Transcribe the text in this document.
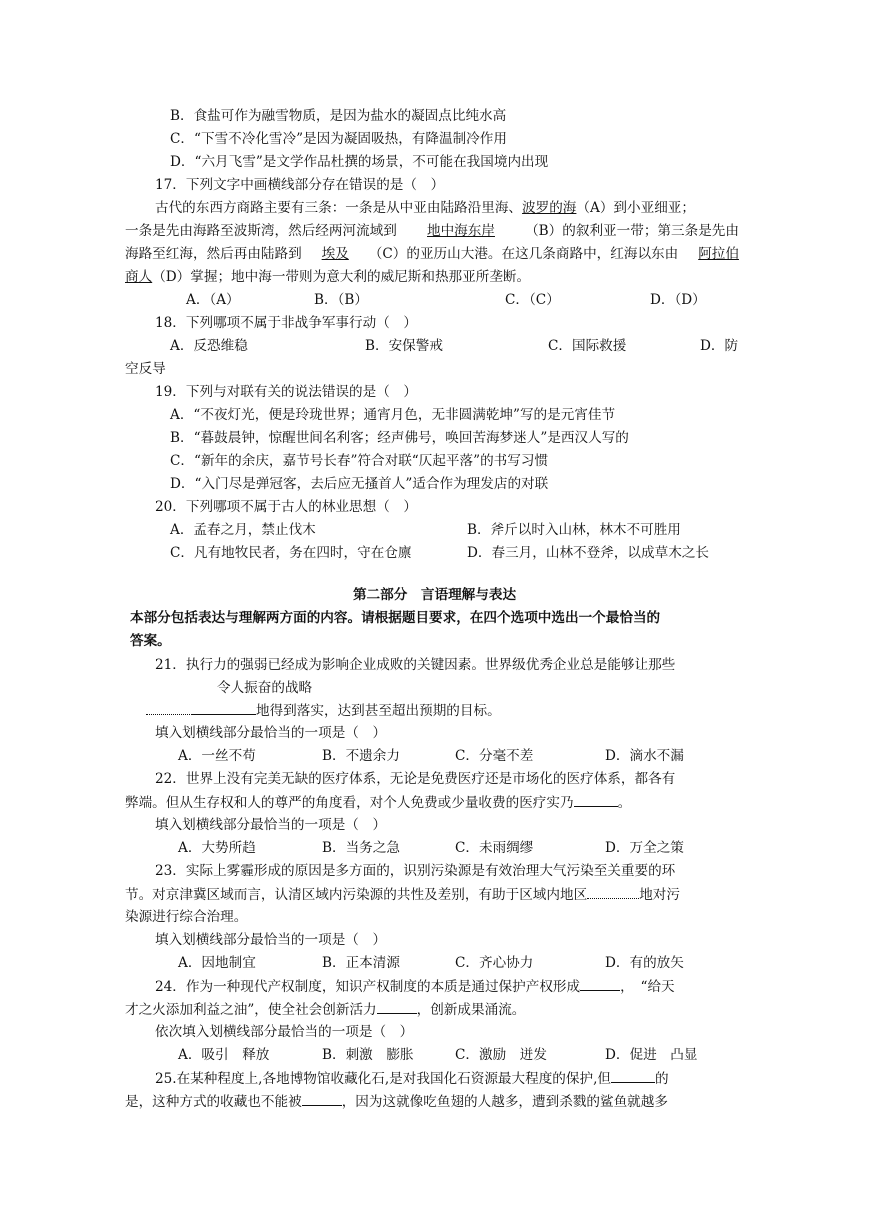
B．食盐可作为融雪物质，是因为盐水的凝固点比纯水高
C．“下雪不冷化雪冷”是因为凝固吸热，有降温制冷作用
D．“六月飞雪”是文学作品杜撰的场景，不可能在我国境内出现
17．下列文字中画横线部分存在错误的是（　）
古代的东西方商路主要有三条：一条是从中亚由陆路沿里海、波罗的海（A）到小亚细亚；
一条是先由海路至波斯湾，然后经两河流域到 地中海东岸 （B）的叙利亚一带；第三条是先由
海路至红海，然后再由陆路到 埃及 （C）的亚历山大港。在这几条商路中，红海以东由 阿拉伯
商人（D）掌握；地中海一带则为意大利的威尼斯和热那亚所垄断。
A．（A）	B．（B）	C．（C）	D．（D）
18．下列哪项不属于非战争军事行动（　）
A．反恐维稳	B．安保警戒	C．国际救援	D．防
空反导
19．下列与对联有关的说法错误的是（　）
A．“不夜灯光，便是玲珑世界；通宵月色，无非圆满乾坤”写的是元宵佳节
B．“暮鼓晨钟，惊醒世间名利客；经声佛号，唤回苦海梦迷人”是西汉人写的
C．“新年的余庆，嘉节号长春”符合对联“仄起平落”的书写习惯
D．“入门尽是弹冠客，去后应无搔首人”适合作为理发店的对联
20．下列哪项不属于古人的林业思想（　）
A．孟春之月，禁止伐木	B．斧斤以时入山林，林木不可胜用
C．凡有地牧民者，务在四时，守在仓廪	D．春三月，山林不登斧，以成草木之长
第二部分　言语理解与表达
本部分包括表达与理解两方面的内容。请根据题目要求，在四个选项中选出一个最恰当的
答案。
21．执行力的强弱已经成为影响企业成败的关键因素。世界级优秀企业总是能够让那些
令人振奋的战略
地得到落实，达到甚至超出预期的目标。
填入划横线部分最恰当的一项是（　）
A．一丝不苟	B．不遗余力	C．分毫不差	D．滴水不漏
22．世界上没有完美无缺的医疗体系，无论是免费医疗还是市场化的医疗体系，都各有
弊端。但从生存权和人的尊严的角度看，对个人免费或少量收费的医疗实乃	。
填入划横线部分最恰当的一项是（　）
A．大势所趋	B．当务之急	C．未雨绸缪	D．万全之策
23．实际上雾霾形成的原因是多方面的，识别污染源是有效治理大气污染至关重要的环
节。对京津冀区域而言，认清区域内污染源的共性及差别，有助于区域内地区	地对污
染源进行综合治理。
填入划横线部分最恰当的一项是（　）
A．因地制宜	B．正本清源	C．齐心协力	D．有的放矢
24．作为一种现代产权制度，知识产权制度的本质是通过保护产权形成	，　“给天
才之火添加利益之油”，使全社会创新活力	，创新成果涌流。
依次填入划横线部分最恰当的一项是（　）
A．吸引　释放	B．刺激　膨胀	C．激励　迸发	D．促进　凸显
25.在某种程度上,各地博物馆收藏化石,是对我国化石资源最大程度的保护,但	的
是，这种方式的收藏也不能被	，因为这就像吃鱼翅的人越多，遭到杀戮的鲨鱼就越多
